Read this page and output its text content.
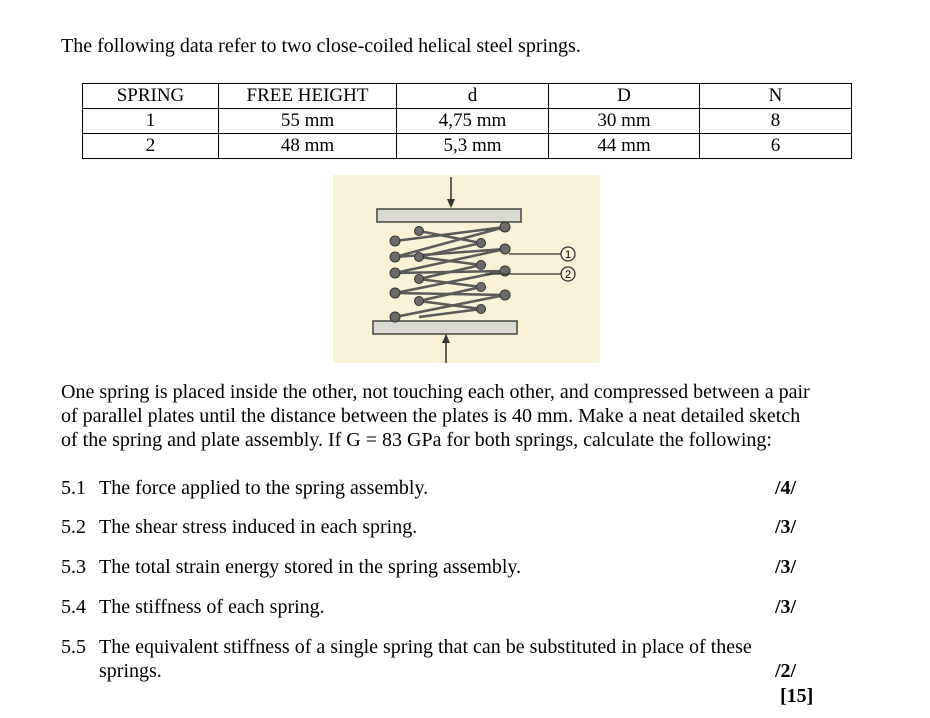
The following data refer to two close-coiled helical steel springs.
SPRING	FREE HEIGHT	d	D	N
1	55 mm	4,75 mm	30 mm	8
2	48 mm	5,3 mm	44 mm	6
1
2
One spring is placed inside the other, not touching each other, and compressed between a pair
of parallel plates until the distance between the plates is 40 mm. Make a neat detailed sketch
of the spring and plate assembly. If G = 83 GPa for both springs, calculate the following:
5.1 The force applied to the spring assembly.	/4/
5.2 The shear stress induced in each spring.	/3/
5.3 The total strain energy stored in the spring assembly.	/3/
5.4 The stiffness of each spring.	/3/
5.5 The equivalent stiffness of a single spring that can be substituted in place of these
springs.	/2/
[15]
